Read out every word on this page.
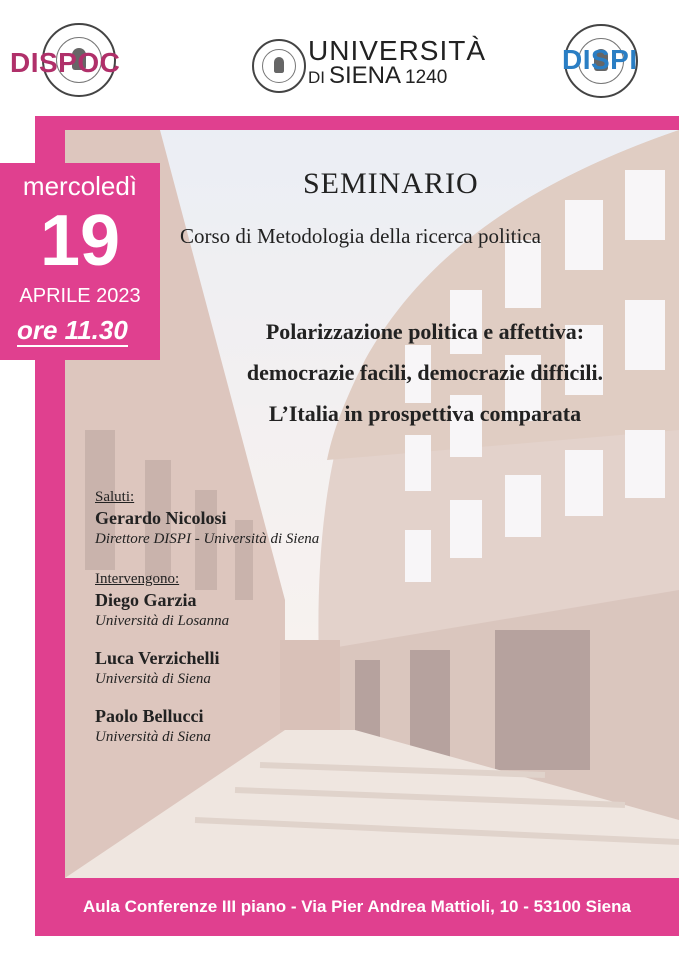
DISPOC	UNIVERSITÀ
DI SIENA 1240
DISPI
mercoledì
19
APRILE 2023
ore 11.30
SEMINARIO
Corso di Metodologia della ricerca politica
Polarizzazione politica e affettiva:
democrazie facili, democrazie difficili.
L’Italia in prospettiva comparata
Saluti:
Gerardo Nicolosi
Direttore DISPI - Università di Siena
Intervengono:
Diego Garzia
Università di Losanna
Luca Verzichelli
Università di Siena
Paolo Bellucci
Università di Siena
Aula Conferenze III piano - Via Pier Andrea Mattioli, 10 - 53100 Siena
